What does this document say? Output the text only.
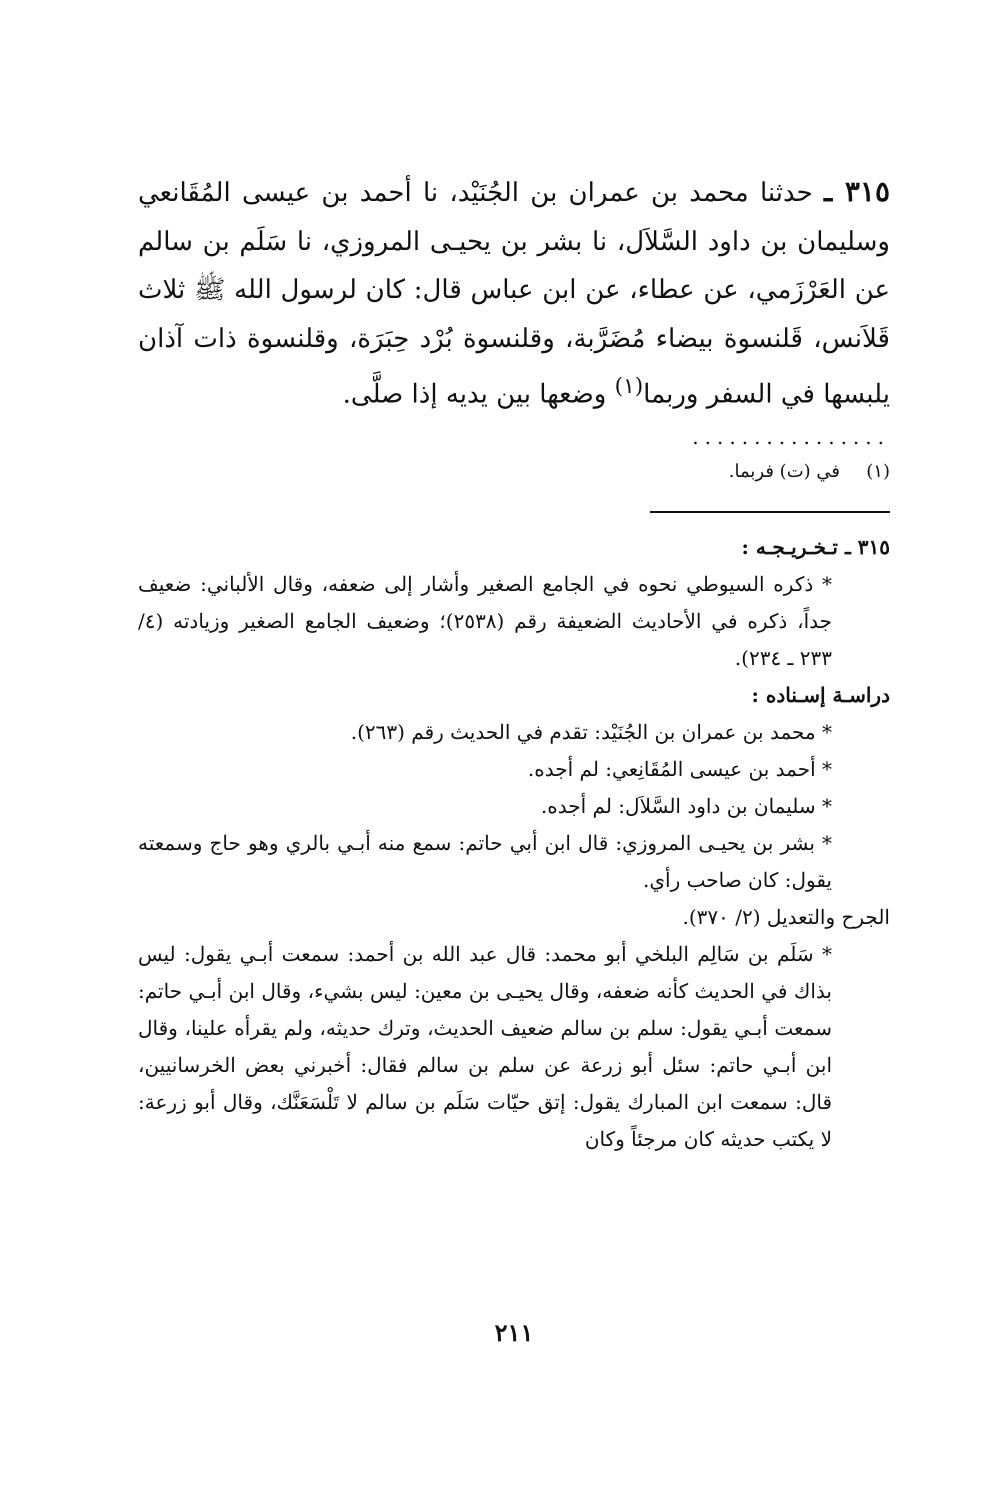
٣١٥ ـ حدثنا محمد بن عمران بن الجُنَيْد، نا أحمد بن عيسى المُقَانعي وسليمان بن داود السَّلاَل، نا بشر بن يحيـى المروزي، نا سَلَم بن سالم عن العَرْزَمي، عن عطاء، عن ابن عباس قال: كان لرسول الله ﷺ ثلاث قَلاَنس، قَلنسوة بيضاء مُضَرَّبة، وقلنسوة بُرْد حِبَرَة، وقلنسوة ذات آذان يلبسها في السفر وربما$^{(١)}$ وضعها بين يديه إذا صلَّى.

................
(١)في (ت) فربما.
٣١٥ ـ تـخـريـجـه :

* ذكره السيوطي نحوه في الجامع الصغير وأشار إلى ضعفه، وقال الألباني: ضعيف جداً، ذكره في الأحاديث الضعيفة رقم (٢٥٣٨)؛ وضعيف الجامع الصغير وزيادته (٤/ ٢٣٣ ـ ٢٣٤).

دراسـة إسـناده :

* محمد بن عمران بن الجُنَيْد: تقدم في الحديث رقم (٢٦٣).

* أحمد بن عيسى المُقَانِعي: لم أجده.

* سليمان بن داود السَّلاَل: لم أجده.

* بشر بن يحيـى المروزي: قال ابن أبي حاتم: سمع منه أبـي بالري وهو حاج وسمعته يقول: كان صاحب رأي.

الجرح والتعديل (٢/ ٣٧٠).

* سَلَم بن سَالِم البلخي أبو محمد: قال عبد الله بن أحمد: سمعت أبـي يقول: ليس بذاك في الحديث كأنه ضعفه، وقال يحيـى بن معين: ليس بشيء، وقال ابن أبـي حاتم: سمعت أبـي يقول: سلم بن سالم ضعيف الحديث، وترك حديثه، ولم يقرأه علينا، وقال ابن أبـي حاتم: سئل أبو زرعة عن سلم بن سالم فقال: أخبرني بعض الخرسانيين، قال: سمعت ابن المبارك يقول: إتق حيّات سَلَم بن سالم لا تَلْسَعَنَّك، وقال أبو زرعة: لا يكتب حديثه كان مرجئاً وكان

٢١١
